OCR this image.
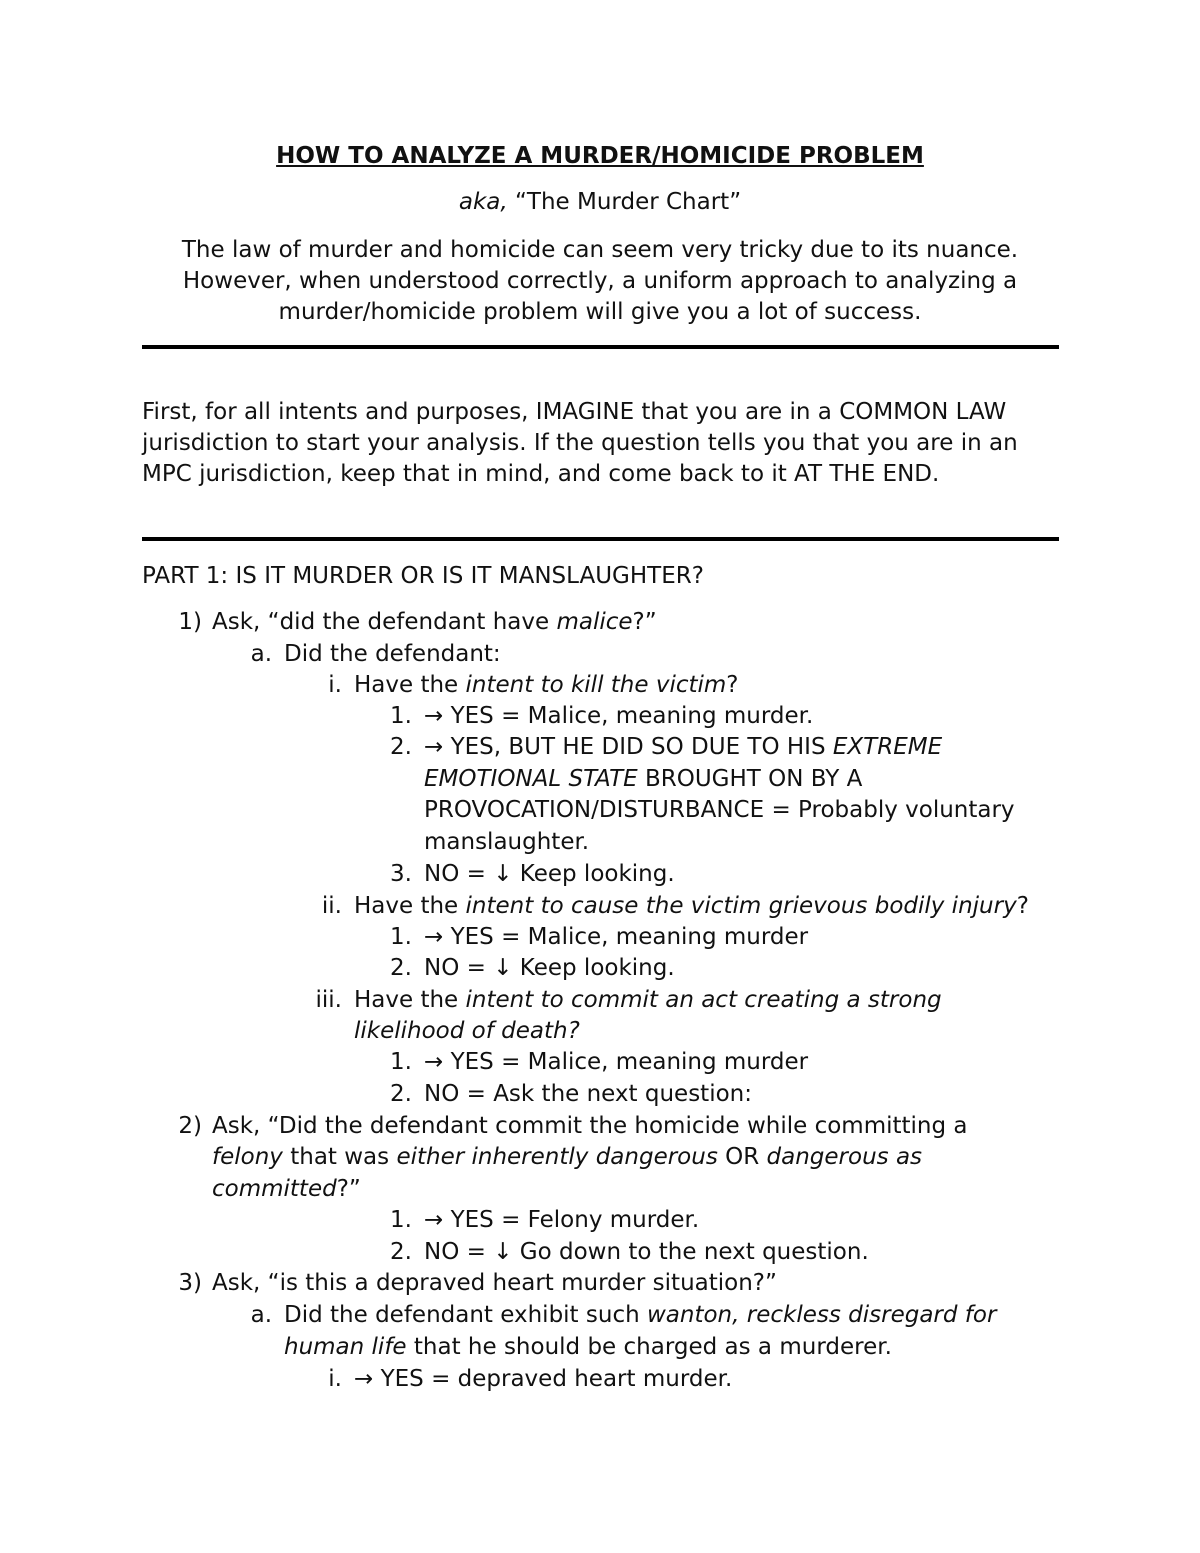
HOW TO ANALYZE A MURDER/HOMICIDE PROBLEM
aka, “The Murder Chart”
The law of murder and homicide can seem very tricky due to its nuance.
However, when understood correctly, a uniform approach to analyzing a
murder/homicide problem will give you a lot of success.
First, for all intents and purposes, IMAGINE that you are in a COMMON LAW
jurisdiction to start your analysis. If the question tells you that you are in an
MPC jurisdiction, keep that in mind, and come back to it AT THE END.
PART 1: IS IT MURDER OR IS IT MANSLAUGHTER?
1) Ask, “did the defendant have malice?”
a. Did the defendant:
i. Have the intent to kill the victim?
1. → YES = Malice, meaning murder.
2. → YES, BUT HE DID SO DUE TO HIS EXTREME
EMOTIONAL STATE BROUGHT ON BY A
PROVOCATION/DISTURBANCE = Probably voluntary
manslaughter.
3. NO = ↓ Keep looking.
ii. Have the intent to cause the victim grievous bodily injury?
1. → YES = Malice, meaning murder
2. NO = ↓ Keep looking.
iii. Have the intent to commit an act creating a strong
likelihood of death?
1. → YES = Malice, meaning murder
2. NO = Ask the next question:
2) Ask, “Did the defendant commit the homicide while committing a
felony that was either inherently dangerous OR dangerous as
committed?”
1. → YES = Felony murder.
2. NO = ↓ Go down to the next question.
3) Ask, “is this a depraved heart murder situation?”
a. Did the defendant exhibit such wanton, reckless disregard for
human life that he should be charged as a murderer.
i. → YES = depraved heart murder.
